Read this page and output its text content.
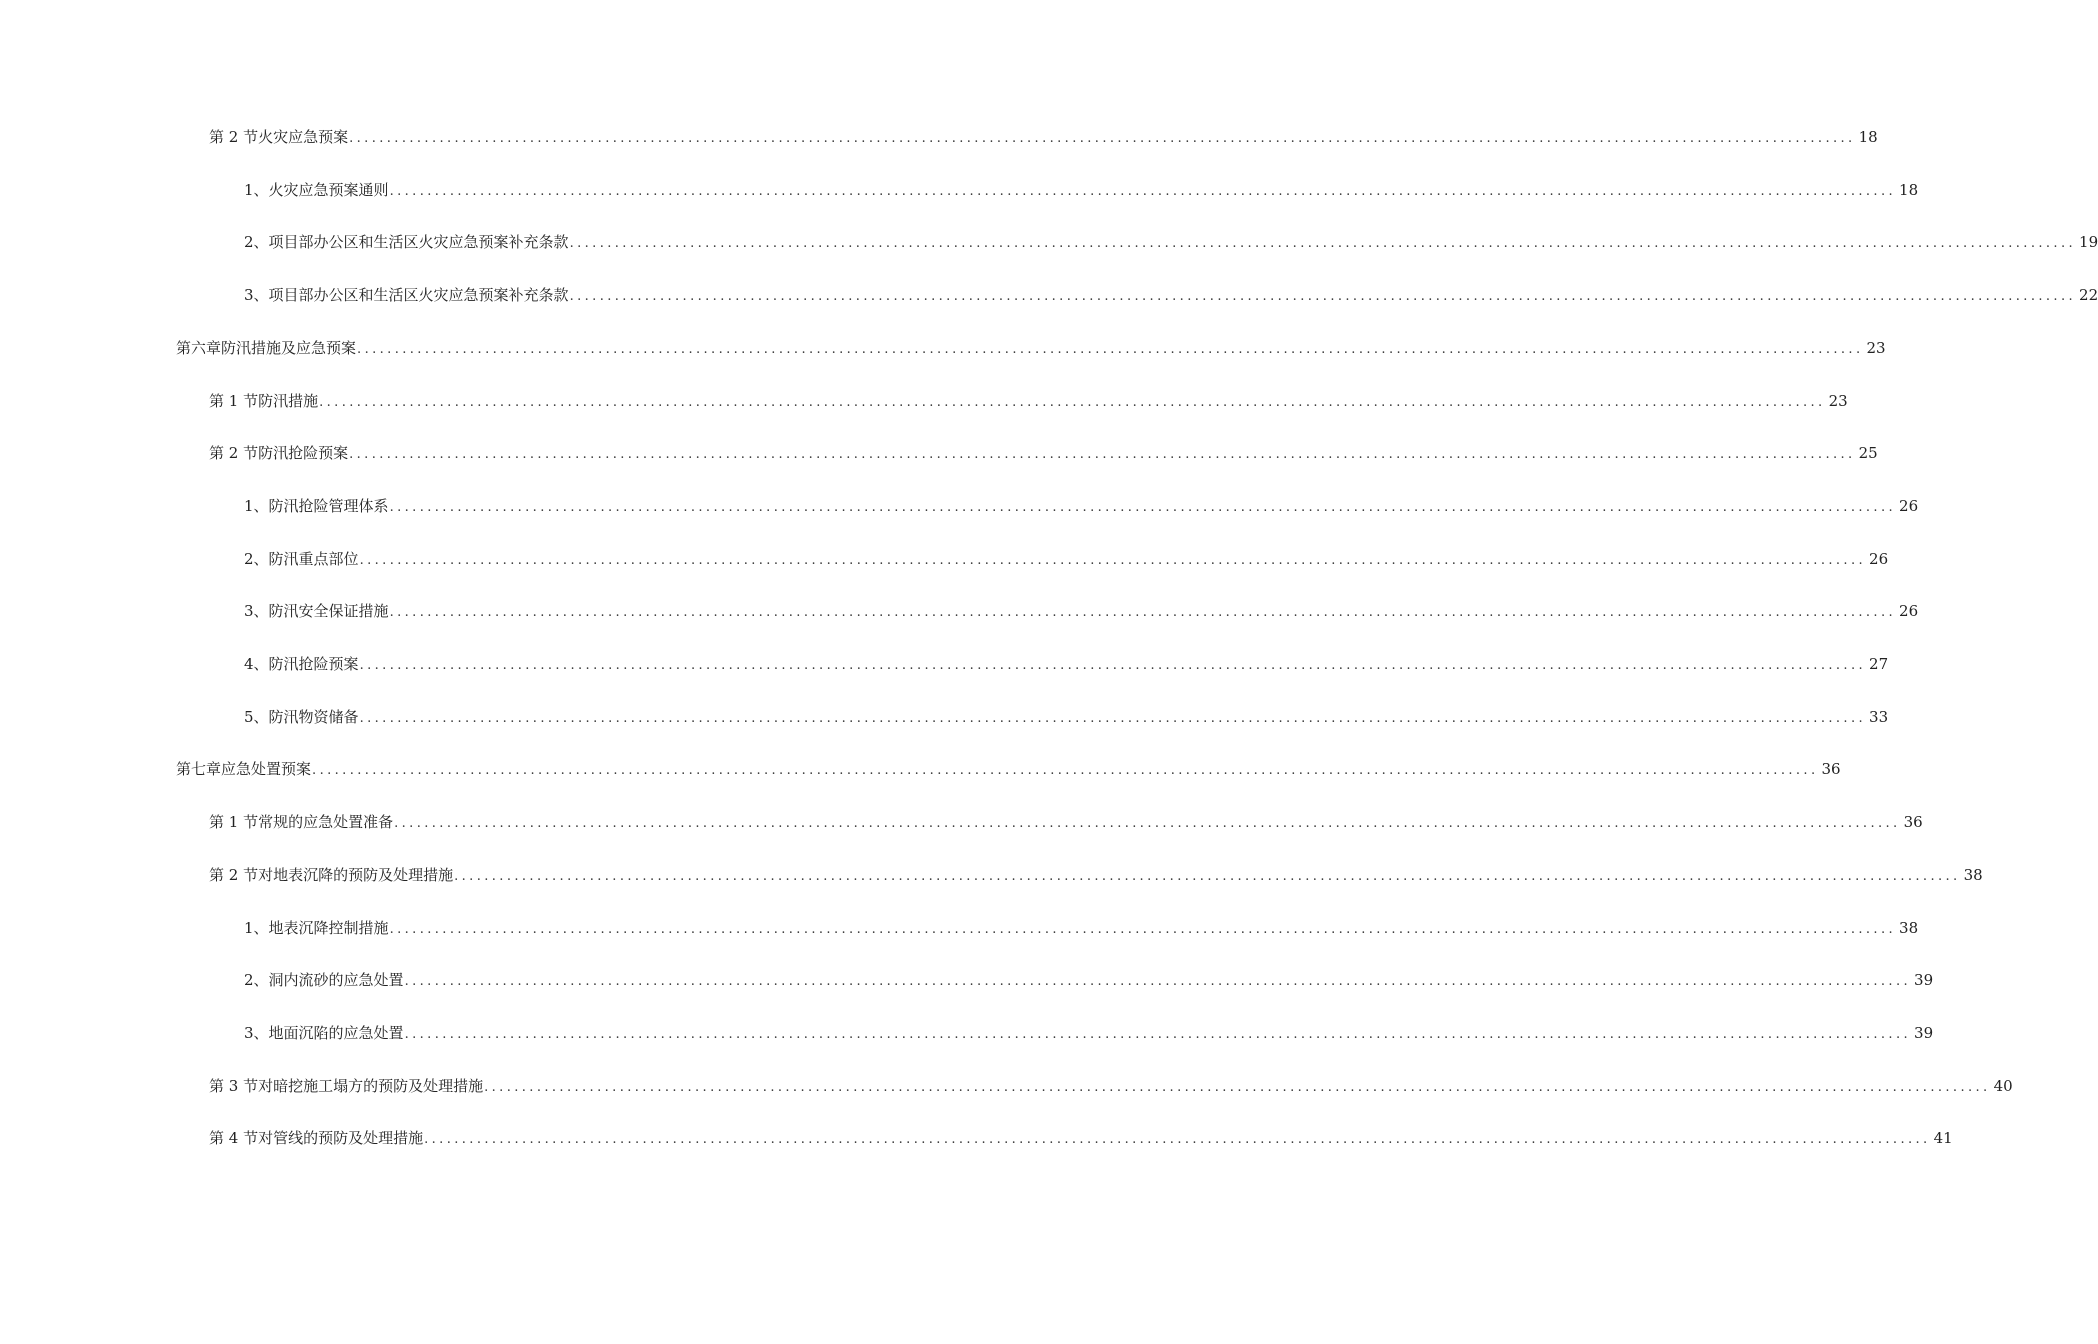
第 2 节 火灾应急预案 ........................................................................................................................................................................................................ 18
1、 火灾应急预案通则 ........................................................................................................................................................................................................ 18
2、 项目部办公区和生活区火灾应急预案补充条款 ........................................................................................................................................................................................................ 19
3、 项目部办公区和生活区火灾应急预案补充条款 ........................................................................................................................................................................................................ 22
第六章 防汛措施及应急预案 ........................................................................................................................................................................................................ 23
第 1 节 防汛措施 ........................................................................................................................................................................................................ 23
第 2 节 防汛抢险预案 ........................................................................................................................................................................................................ 25
1、 防汛抢险管理体系 ........................................................................................................................................................................................................ 26
2、 防汛重点部位 ........................................................................................................................................................................................................ 26
3、 防汛安全保证措施 ........................................................................................................................................................................................................ 26
4、 防汛抢险预案 ........................................................................................................................................................................................................ 27
5、 防汛物资储备 ........................................................................................................................................................................................................ 33
第七章 应急处置预案 ........................................................................................................................................................................................................ 36
第 1 节 常规的应急处置准备 ........................................................................................................................................................................................................ 36
第 2 节 对地表沉降的预防及处理措施 ........................................................................................................................................................................................................ 38
1、 地表沉降控制措施 ........................................................................................................................................................................................................ 38
2、 洞内流砂的应急处置 ........................................................................................................................................................................................................ 39
3、 地面沉陷的应急处置 ........................................................................................................................................................................................................ 39
第 3 节 对暗挖施工塌方的预防及处理措施 ........................................................................................................................................................................................................ 40
第 4 节 对管线的预防及处理措施 ........................................................................................................................................................................................................ 41
